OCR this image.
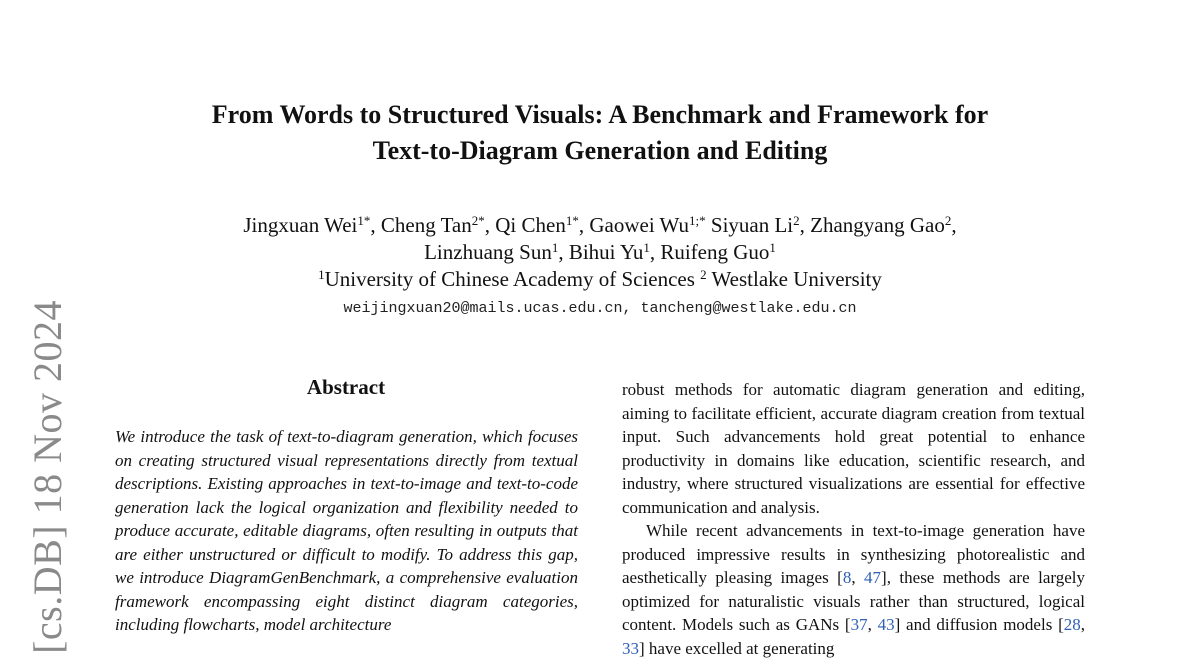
[cs.DB] 18 Nov 2024
From Words to Structured Visuals: A Benchmark and Framework for
Text-to-Diagram Generation and Editing
Jingxuan Wei$^{1*}$, Cheng Tan$^{2*}$, Qi Chen$^{1*}$, Gaowei $Wu^{1;*}$ Siyuan Li$^2$, Zhangyang Gao$^2$,
Linzhuang Sun$^1$, Bihui Yu$^1$, Ruifeng Guo$^1$
$^1$University of Chinese Academy of Sciences $^2$ Westlake University
weijingxuan20@mails.ucas.edu.cn, tancheng@westlake.edu.cn
Abstract

We introduce the task of text-to-diagram generation, which focuses on creating structured visual representations directly from textual descriptions. Existing approaches in text-to-image and text-to-code generation lack the logical organization and flexibility needed to produce accurate, editable diagrams, often resulting in outputs that are either unstructured or difficult to modify. To address this gap, we introduce DiagramGenBenchmark, a comprehensive evaluation framework encompassing eight distinct diagram categories, including flowcharts, model architecture

robust methods for automatic diagram generation and editing, aiming to facilitate efficient, accurate diagram creation from textual input. Such advancements hold great potential to enhance productivity in domains like education, scientific research, and industry, where structured visualizations are essential for effective communication and analysis.

While recent advancements in text-to-image generation have produced impressive results in synthesizing photorealistic and aesthetically pleasing images [8, 47], these methods are largely optimized for naturalistic visuals rather than structured, logical content. Models such as GANs [37, 43] and diffusion models [28, 33] have excelled at generating
